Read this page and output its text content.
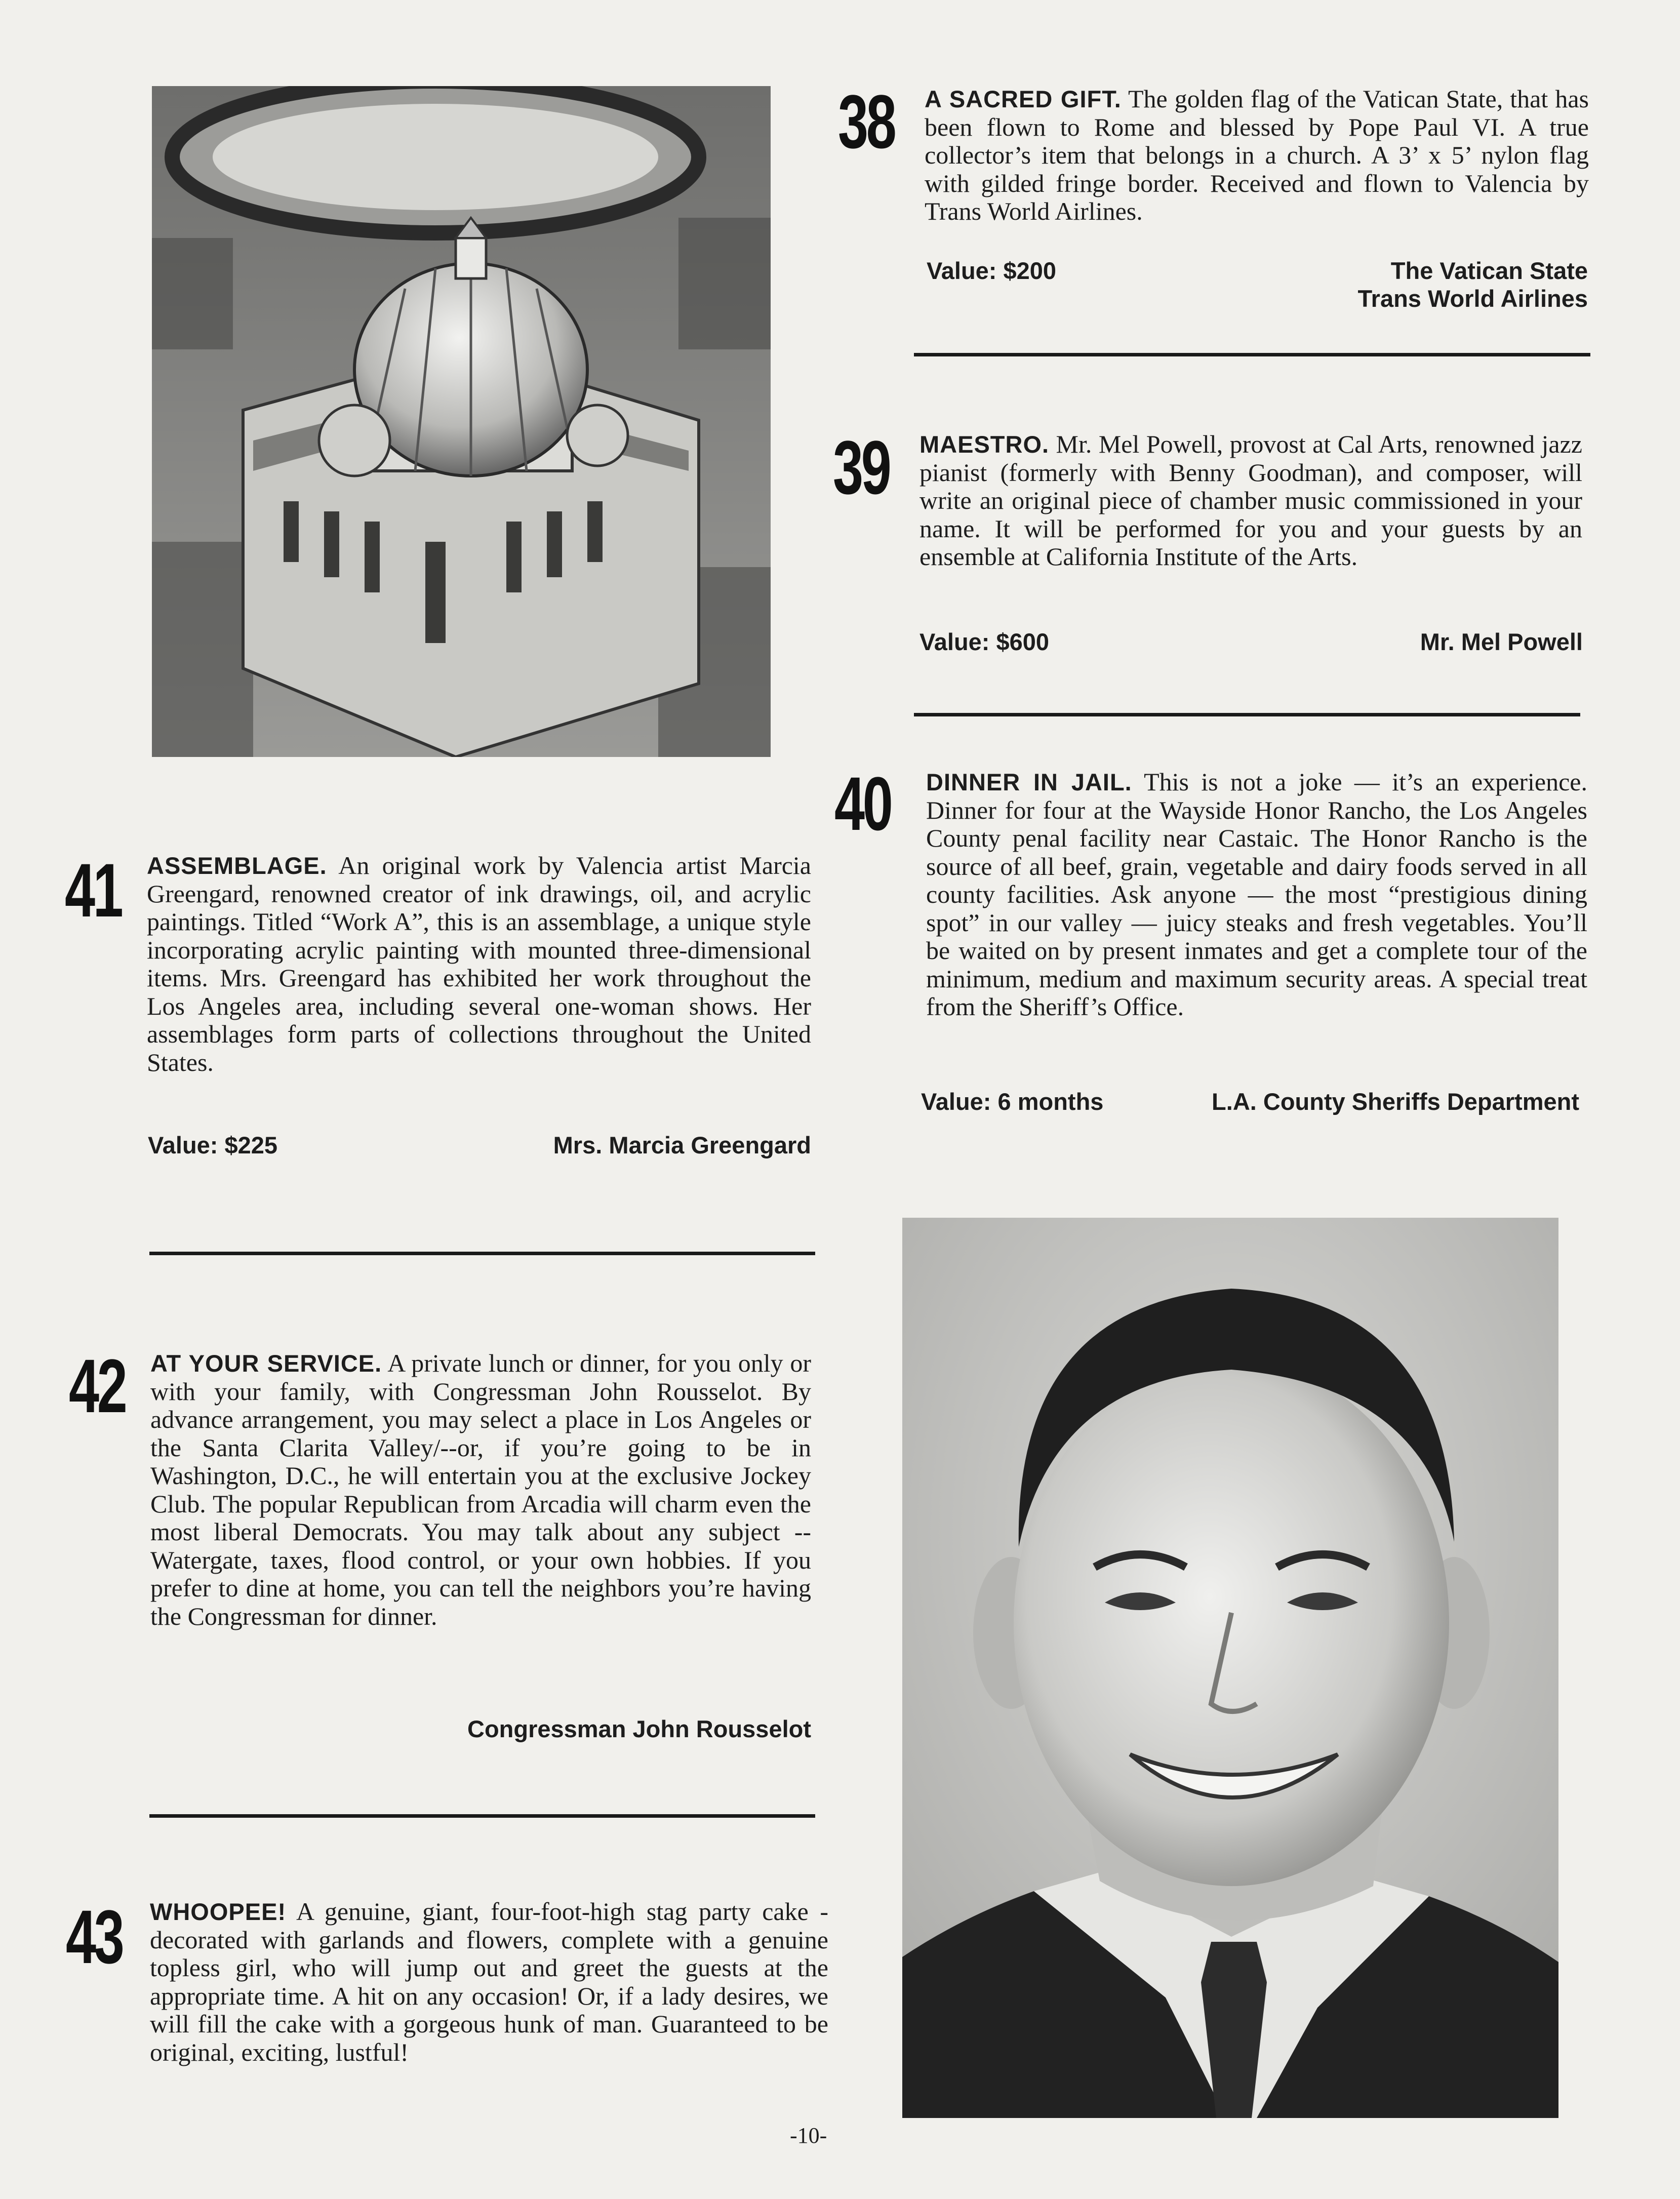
38 A SACRED GIFT. The golden flag of the Vatican State, that has been flown to Rome and blessed by Pope Paul VI. A true collector’s item that belongs in a church. A 3’ x 5’ nylon flag with gilded fringe border. Received and flown to Valencia by Trans World Airlines.
Value: $200	The Vatican State
Trans World Airlines
39 MAESTRO. Mr. Mel Powell, provost at Cal Arts, renowned jazz pianist (formerly with Benny Goodman), and composer, will write an original piece of chamber music commissioned in your name. It will be performed for you and your guests by an ensemble at California Institute of the Arts.
Value: $600	Mr. Mel Powell
40 DINNER IN JAIL. This is not a joke — it’s an experience. Dinner for four at the Wayside Honor Rancho, the Los Angeles County penal facility near Castaic. The Honor Rancho is the source of all beef, grain, vegetable and dairy foods served in all county facilities. Ask anyone — the most “prestigious dining spot” in our valley — juicy steaks and fresh vegetables. You’ll be waited on by present inmates and get a complete tour of the minimum, medium and maximum security areas. A special treat from the Sheriff’s Office.
Value: 6 months	L.A. County Sheriffs Department
41 ASSEMBLAGE. An original work by Valencia artist Marcia Greengard, renowned creator of ink drawings, oil, and acrylic paintings. Titled “Work A”, this is an assemblage, a unique style incorporating acrylic painting with mounted three-dimensional items. Mrs. Greengard has exhibited her work throughout the Los Angeles area, including several one-woman shows. Her assemblages form parts of collections throughout the United States.
Value: $225	Mrs. Marcia Greengard
42 AT YOUR SERVICE. A private lunch or dinner, for you only or with your family, with Congressman John Rousselot. By advance arrangement, you may select a place in Los Angeles or the Santa Clarita Valley/--or, if you’re going to be in Washington, D.C., he will entertain you at the exclusive Jockey Club. The popular Republican from Arcadia will charm even the most liberal Democrats. You may talk about any subject -- Watergate, taxes, flood control, or your own hobbies. If you prefer to dine at home, you can tell the neighbors you’re having the Congressman for dinner.
Congressman John Rousselot
43 WHOOPEE! A genuine, giant, four-foot-high stag party cake - decorated with garlands and flowers, complete with a genuine topless girl, who will jump out and greet the guests at the appropriate time. A hit on any occasion! Or, if a lady desires, we will fill the cake with a gorgeous hunk of man. Guaranteed to be original, exciting, lustful!
-10-
